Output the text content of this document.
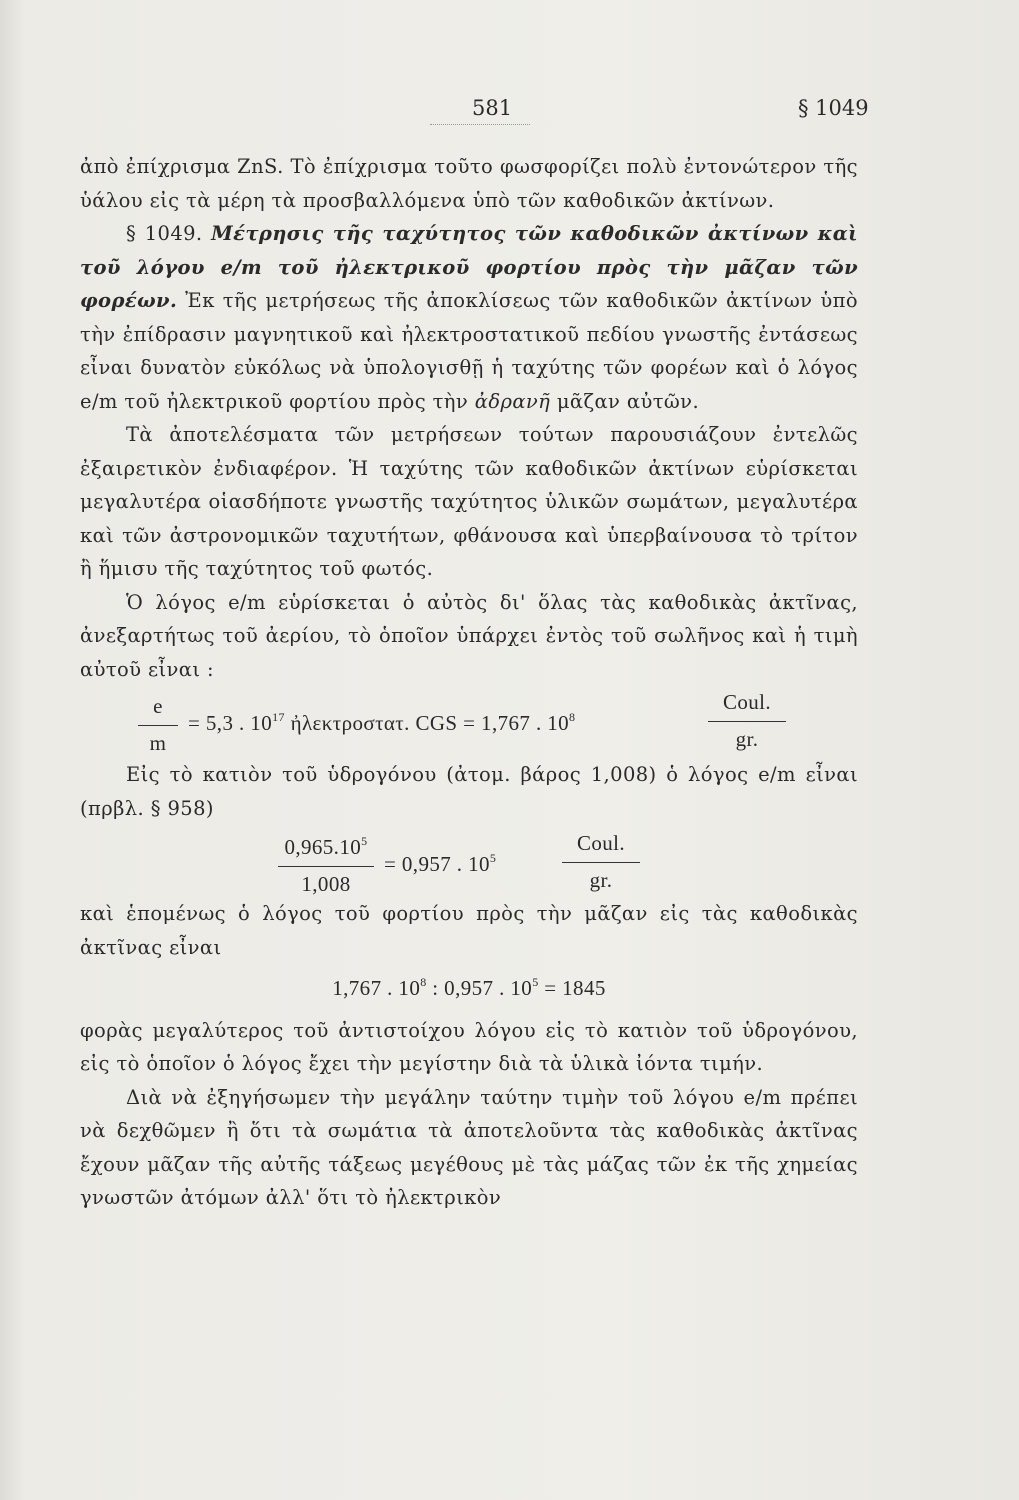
581	§ 1049

ἀπὸ ἐπίχρισμα ZnS. Τὸ ἐπίχρισμα τοῦτο φωσφορίζει πολὺ ἐντονώτερον τῆς ὑάλου εἰς τὰ μέρη τὰ προσβαλλόμενα ὑπὸ τῶν καθοδικῶν ἀκτίνων.

§ 1049. Μέτρησις τῆς ταχύτητος τῶν καθοδικῶν ἀκτίνων καὶ τοῦ λόγου e/m τοῦ ἠλεκτρικοῦ φορτίου πρὸς τὴν μᾶζαν τῶν φορέων. Ἐκ τῆς μετρήσεως τῆς ἀποκλίσεως τῶν καθοδικῶν ἀκτίνων ὑπὸ τὴν ἐπίδρασιν μαγνητικοῦ καὶ ἠλεκτροστατικοῦ πεδίου γνωστῆς ἐντάσεως εἶναι δυνατὸν εὐκόλως νὰ ὑπολογισθῇ ἡ ταχύτης τῶν φορέων καὶ ὁ λόγος e/m τοῦ ἠλεκτρικοῦ φορτίου πρὸς τὴν ἀδρανῆ μᾶζαν αὐτῶν.

Τὰ ἀποτελέσματα τῶν μετρήσεων τούτων παρουσιάζουν ἐντελῶς ἐξαιρετικὸν ἐνδιαφέρον. Ἡ ταχύτης τῶν καθοδικῶν ἀκτίνων εὑρίσκεται μεγαλυτέρα οἱασδήποτε γνωστῆς ταχύτητος ὑλικῶν σωμάτων, μεγαλυτέρα καὶ τῶν ἀστρονομικῶν ταχυτήτων, φθάνουσα καὶ ὑπερβαίνουσα τὸ τρίτον ἢ ἥμισυ τῆς ταχύτητος τοῦ φωτός.

Ὁ λόγος e/m εὑρίσκεται ὁ αὐτὸς δι' ὅλας τὰς καθοδικὰς ἀκτῖνας, ἀνεξαρτήτως τοῦ ἀερίου, τὸ ὁποῖον ὑπάρχει ἐντὸς τοῦ σωλῆνος καὶ ἡ τιμὴ αὐτοῦ εἶναι :

e
m
= 5,3 . $10^{17}$ ἠλεκτροστατ. CGS = 1,767 . $10^8$
Coul.
gr.

Εἰς τὸ κατιὸν τοῦ ὑδρογόνου (ἀτομ. βάρος 1,008) ὁ λόγος e/m εἶναι (πρβλ. § 958)

0,965.10$^5$
1,008
= 0,957 . $10^5$
Coul.
gr.

καὶ ἑπομένως ὁ λόγος τοῦ φορτίου πρὸς τὴν μᾶζαν εἰς τὰς καθοδικὰς ἀκτῖνας εἶναι

1,767 . $10^8$ : 0,957 . $10^5 = 1845$

φορὰς μεγαλύτερος τοῦ ἀντιστοίχου λόγου εἰς τὸ κατιὸν τοῦ ὑδρογόνου, εἰς τὸ ὁποῖον ὁ λόγος ἔχει τὴν μεγίστην διὰ τὰ ὑλικὰ ἰόντα τιμήν.

Διὰ νὰ ἐξηγήσωμεν τὴν μεγάλην ταύτην τιμὴν τοῦ λόγου e/m πρέπει νὰ δεχθῶμεν ἢ ὅτι τὰ σωμάτια τὰ ἀποτελοῦντα τὰς καθοδικὰς ἀκτῖνας ἔχουν μᾶζαν τῆς αὐτῆς τάξεως μεγέθους μὲ τὰς μάζας τῶν ἐκ τῆς χημείας γνωστῶν ἀτόμων ἀλλ' ὅτι τὸ ἠλεκτρικὸν
